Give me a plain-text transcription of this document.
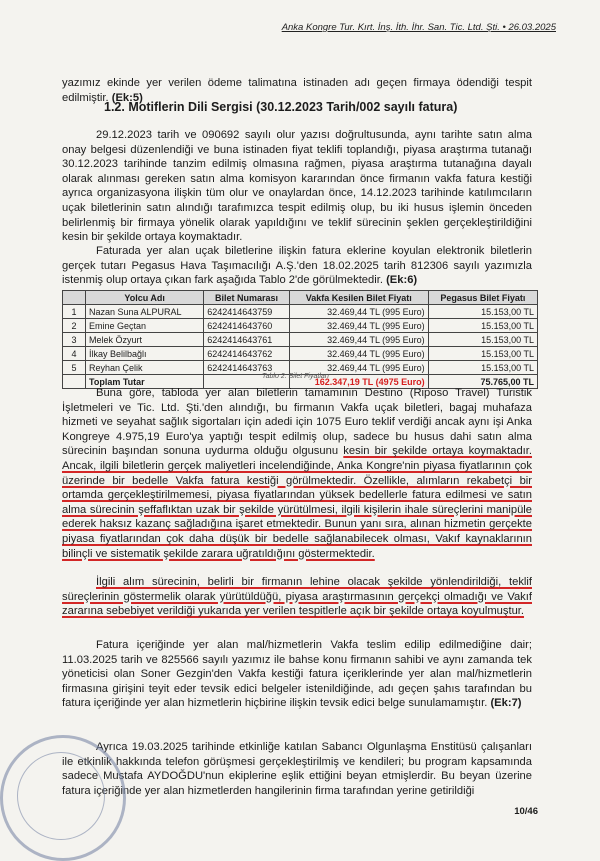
Anka Kongre Tur. Kırt. İnş. İth. İhr. San. Tic. Ltd. Şti. • 26.03.2025

yazımız ekinde yer verilen ödeme talimatına istinaden adı geçen firmaya ödendiği tespit edilmiştir. (Ek:5)

1.2. Motiflerin Dili Sergisi (30.12.2023 Tarih/002 sayılı fatura)

29.12.2023 tarih ve 090692 sayılı olur yazısı doğrultusunda, aynı tarihte satın alma onay belgesi düzenlendiği ve buna istinaden fiyat teklifi toplandığı, piyasa araştırma tutanağı 30.12.2023 tarihinde tanzim edilmiş olmasına rağmen, piyasa araştırma tutanağına dayalı olarak alınması gereken satın alma komisyon kararından önce firmanın vakfa fatura kestiği ayrıca organizasyona ilişkin tüm olur ve onaylardan önce, 14.12.2023 tarihinde katılımcıların uçak biletlerinin satın alındığı tarafımızca tespit edilmiş olup, bu iki husus işlemin önceden belirlenmiş bir firmaya yönelik olarak yapıldığını ve teklif sürecinin şeklen gerçekleştirildiğini kesin bir şekilde ortaya koymaktadır.

Faturada yer alan uçak biletlerine ilişkin fatura eklerine koyulan elektronik biletlerin gerçek tutarı Pegasus Hava Taşımacılığı A.Ş.'den 18.02.2025 tarih 812306 sayılı yazımızla istenmiş olup ortaya çıkan fark aşağıda Tablo 2'de görülmektedir. (Ek:6)

	Yolcu Adı	Bilet Numarası	Vakfa Kesilen Bilet Fiyatı	Pegasus Bilet Fiyatı
1	Nazan Suna ALPURAL	6242414643759	32.469,44 TL (995 Euro)	15.153,00 TL
2	Emine Geçtan	6242414643760	32.469,44 TL (995 Euro)	15.153,00 TL
3	Melek Özyurt	6242414643761	32.469,44 TL (995 Euro)	15.153,00 TL
4	İlkay Belilbağlı	6242414643762	32.469,44 TL (995 Euro)	15.153,00 TL
5	Reyhan Çelik	6242414643763	32.469,44 TL (995 Euro)	15.153,00 TL
	Toplam Tutar		162.347,19 TL (4975 Euro)	75.765,00 TL
Tablo 2: Bilet Fiyatları

Buna göre, tabloda yer alan biletlerin tamamının Destino (Riposo Travel) Turistik İşletmeleri ve Tic. Ltd. Şti.'den alındığı, bu firmanın Vakfa uçak biletleri, bagaj muhafaza hizmeti ve seyahat sağlık sigortaları için adedi için 1075 Euro teklif verdiği ancak aynı işi Anka Kongreye 4.975,19 Euro'ya yaptığı tespit edilmiş olup, sadece bu husus dahi satın alma sürecinin başından sonuna uydurma olduğu olgusunu kesin bir şekilde ortaya koymaktadır. Ancak, ilgili biletlerin gerçek maliyetleri incelendiğinde, Anka Kongre'nin piyasa fiyatlarının çok üzerinde bir bedelle Vakfa fatura kestiği görülmektedir. Özellikle, alımların rekabetçi bir ortamda gerçekleştirilmemesi, piyasa fiyatlarından yüksek bedellerle fatura edilmesi ve satın alma sürecinin şeffaflıktan uzak bir şekilde yürütülmesi, ilgili kişilerin ihale süreçlerini manipüle ederek haksız kazanç sağladığına işaret etmektedir. Bunun yanı sıra, alınan hizmetin gerçekte piyasa fiyatlarından çok daha düşük bir bedelle sağlanabilecek olması, Vakıf kaynaklarının bilinçli ve sistematik şekilde zarara uğratıldığını göstermektedir.

İlgili alım sürecinin, belirli bir firmanın lehine olacak şekilde yönlendirildiği, teklif süreçlerinin göstermelik olarak yürütüldüğü, piyasa araştırmasının gerçekçi olmadığı ve Vakıf zararına sebebiyet verildiği yukarıda yer verilen tespitlerle açık bir şekilde ortaya koyulmuştur.

Fatura içeriğinde yer alan mal/hizmetlerin Vakfa teslim edilip edilmediğine dair; 11.03.2025 tarih ve 825566 sayılı yazımız ile bahse konu firmanın sahibi ve aynı zamanda tek yöneticisi olan Soner Gezgin'den Vakfa kestiği fatura içeriklerinde yer alan mal/hizmetlerin firmasına girişini teyit eder tevsik edici belgeler istenildiğinde, adı geçen şahıs tarafından bu fatura içeriğinde yer alan hizmetlerin hiçbirine ilişkin tevsik edici belge sunulamamıştır. (Ek:7)

Ayrıca 19.03.2025 tarihinde etkinliğe katılan Sabancı Olgunlaşma Enstitüsü çalışanları ile etkinlik hakkında telefon görüşmesi gerçekleştirilmiş ve kendileri; bu program kapsamında sadece Mustafa AYDOĞDU'nun ekiplerine eşlik ettiğini beyan etmişlerdir. Bu beyan üzerine fatura içeriğinde yer alan hizmetlerden hangilerinin firma tarafından yerine getirildiği

10/46
